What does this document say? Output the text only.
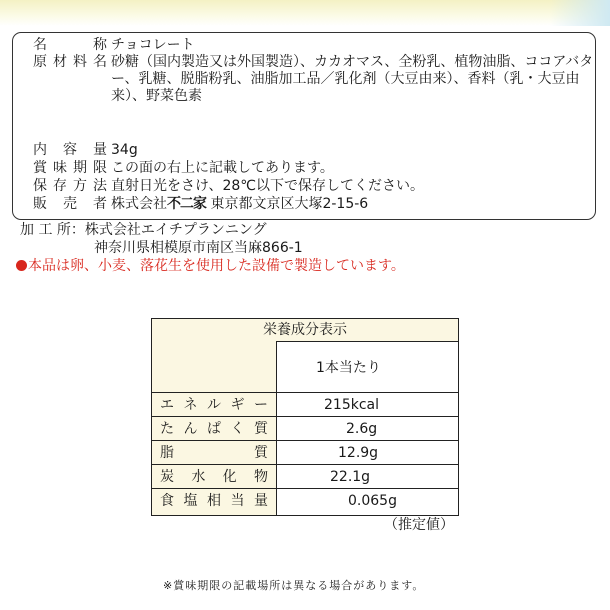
名　称 チョコレート
原材料名 砂糖（国内製造又は外国製造）、カカオマス、全粉乳、植物油脂、ココアバター、乳糖、脱脂粉乳、油脂加工品／乳化剤（大豆由来）、香料（乳・大豆由来）、野菜色素
内容量 34g
賞味期限 この面の右上に記載してあります。
保存方法 直射日光をさけ、28℃以下で保存してください。
販売者 株式会社不二家 東京都文京区大塚2-15-6
加 工 所：株式会社エイチプランニング
神奈川県相模原市南区当麻866-1
本品は卵、小麦、落花生を使用した設備で製造しています。
栄養成分表示
1本当たり
エネルギー	215kcal
たんぱく質	2.6g
脂質	12.9g
炭水化物	22.1g
食塩相当量	0.065g
（推定値）
※賞味期限の記載場所は異なる場合があります。
